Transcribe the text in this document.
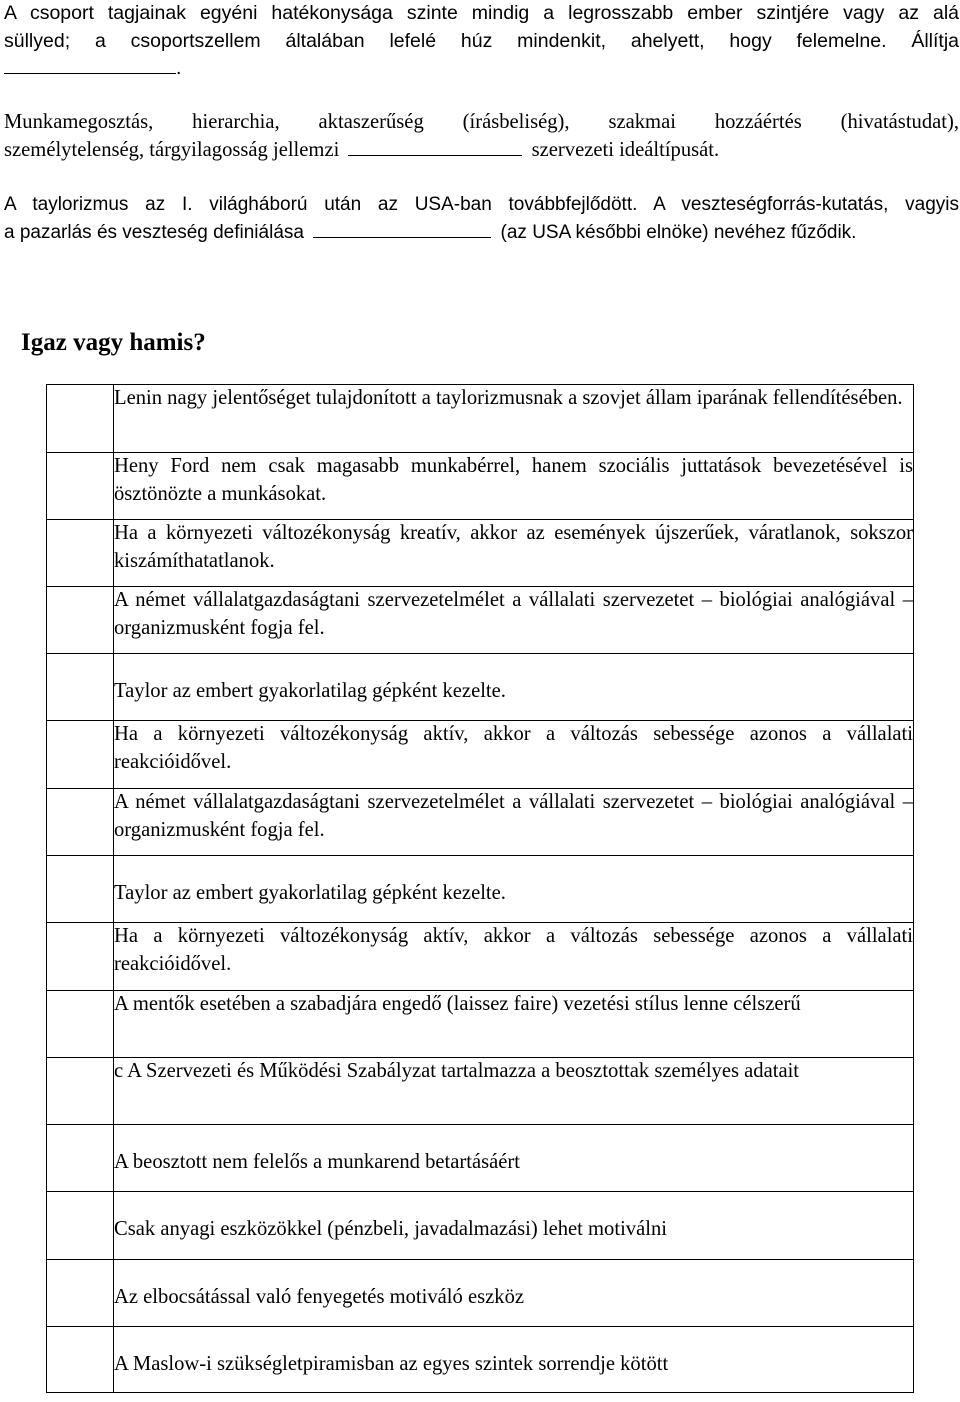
A csoport tagjainak egyéni hatékonysága szinte mindig a legrosszabb ember szintjére vagy az alá
süllyed; a csoportszellem általában lefelé húz mindenkit, ahelyett, hogy felemelne. Állítja
.
Munkamegosztás, hierarchia, aktaszerűség (írásbeliség), szakmai hozzáértés (hivatástudat),
személytelenség, tárgyilagosság jellemzi	szervezeti ideáltípusát.
A taylorizmus az I. világháború után az USA-ban továbbfejlődött. A veszteségforrás-kutatás, vagyis
a pazarlás és veszteség definiálása	(az USA későbbi elnöke) nevéhez fűződik.
Igaz vagy hamis?
	Lenin nagy jelentőséget tulajdonított a taylorizmusnak a szovjet állam iparának fellendítésében.
	Heny Ford nem csak magasabb munkabérrel, hanem szociális juttatások bevezetésével is ösztönözte a munkásokat.
	Ha a környezeti változékonyság kreatív, akkor az események újszerűek, váratlanok, sokszor kiszámíthatatlanok.
	A német vállalatgazdaságtani szervezetelmélet a vállalati szervezetet – biológiai analógiával – organizmusként fogja fel.
	Taylor az embert gyakorlatilag gépként kezelte.
	Ha a környezeti változékonyság aktív, akkor a változás sebessége azonos a vállalati reakcióidővel.
	A német vállalatgazdaságtani szervezetelmélet a vállalati szervezetet – biológiai analógiával – organizmusként fogja fel.
	Taylor az embert gyakorlatilag gépként kezelte.
	Ha a környezeti változékonyság aktív, akkor a változás sebessége azonos a vállalati reakcióidővel.
	A mentők esetében a szabadjára engedő (laissez faire) vezetési stílus lenne célszerű
	c A Szervezeti és Működési Szabályzat tartalmazza a beosztottak személyes adatait
	A beosztott nem felelős a munkarend betartásáért
	Csak anyagi eszközökkel (pénzbeli, javadalmazási) lehet motiválni
	Az elbocsátással való fenyegetés motiváló eszköz
	A Maslow-i szükségletpiramisban az egyes szintek sorrendje kötött
